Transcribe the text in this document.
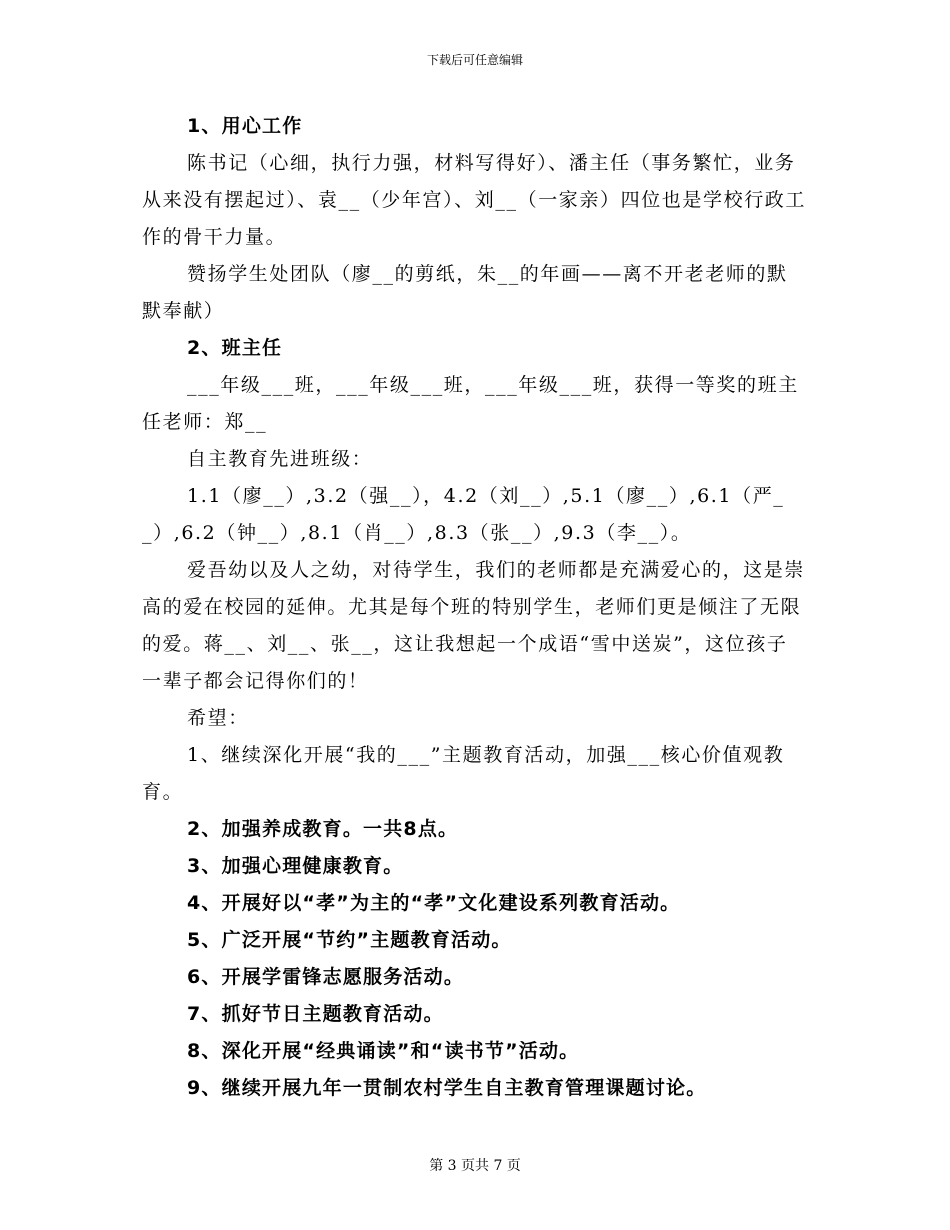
下载后可任意编辑

1、用心工作

陈书记（心细，执行力强，材料写得好）、潘主任（事务繁忙，业务从来没有摆起过）、袁__（少年宫）、刘__（一家亲）四位也是学校行政工作的骨干力量。

赞扬学生处团队（廖__的剪纸，朱__的年画——离不开老老师的默默奉献）

2、班主任

___年级___班，___年级___班，___年级___班，获得一等奖的班主任老师：郑__

自主教育先进班级：

1.1（廖__）,3.2（强__），4.2（刘__）,5.1（廖__）,6.1（严__）,6.2（钟__）,8.1（肖__）,8.3（张__）,9.3（李__）。

爱吾幼以及人之幼，对待学生，我们的老师都是充满爱心的，这是崇高的爱在校园的延伸。尤其是每个班的特别学生，老师们更是倾注了无限的爱。蒋__、刘__、张__，这让我想起一个成语“雪中送炭”，这位孩子一辈子都会记得你们的！

希望：

1、继续深化开展“我的___”主题教育活动，加强___核心价值观教育。

2、加强养成教育。一共8点。

3、加强心理健康教育。

4、开展好以“孝”为主的“孝”文化建设系列教育活动。

5、广泛开展“节约”主题教育活动。

6、开展学雷锋志愿服务活动。

7、抓好节日主题教育活动。

8、深化开展“经典诵读”和“读书节”活动。

9、继续开展九年一贯制农村学生自主教育管理课题讨论。

第 3 页共 7 页
